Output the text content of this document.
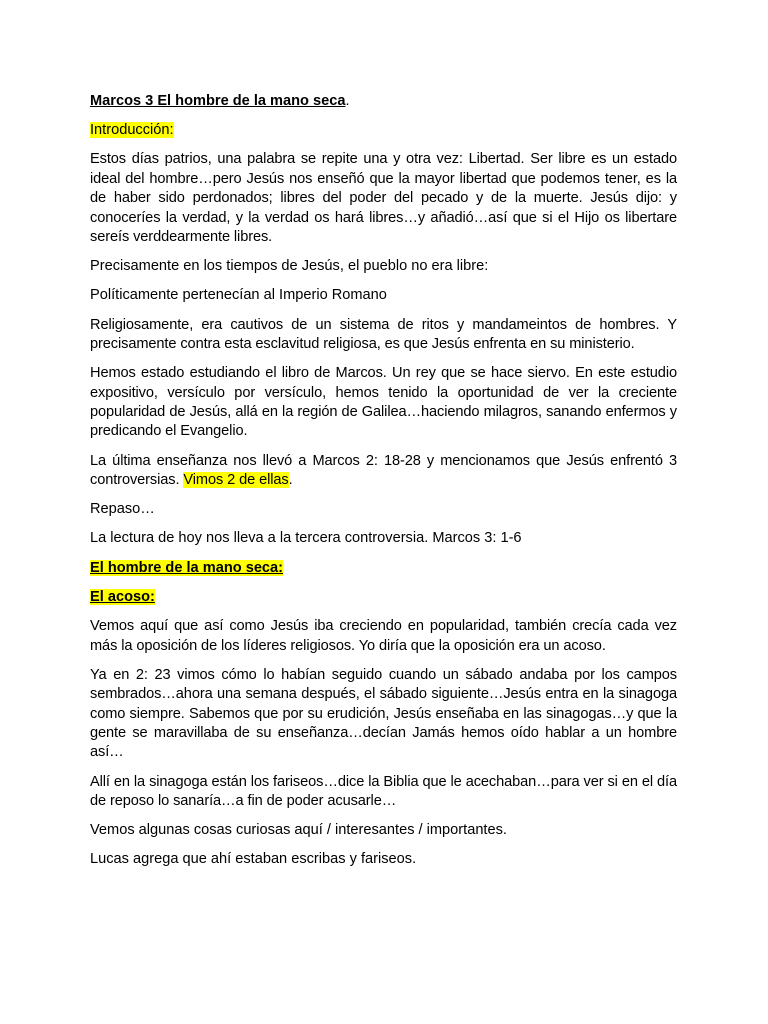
Marcos 3 El hombre de la mano seca.

Introducción:

Estos días patrios, una palabra se repite una y otra vez: Libertad. Ser libre es un estado ideal del hombre…pero Jesús nos enseñó que la mayor libertad que podemos tener, es la de haber sido perdonados; libres del poder del pecado y de la muerte. Jesús dijo: y conoceríes la verdad, y la verdad os hará libres…y añadió…así que si el Hijo os libertare sereís verddearmente libres.

Precisamente en los tiempos de Jesús, el pueblo no era libre:

Políticamente pertenecían al Imperio Romano

Religiosamente, era cautivos de un sistema de ritos y mandameintos de hombres. Y precisamente contra esta esclavitud religiosa, es que Jesús enfrenta en su ministerio.

Hemos estado estudiando el libro de Marcos. Un rey que se hace siervo. En este estudio expositivo, versículo por versículo, hemos tenido la oportunidad de ver la creciente popularidad de Jesús, allá en la región de Galilea…haciendo milagros, sanando enfermos y predicando el Evangelio.

La última enseñanza nos llevó a Marcos 2: 18-28 y mencionamos que Jesús enfrentó 3 controversias. Vimos 2 de ellas.

Repaso…

La lectura de hoy nos lleva a la tercera controversia. Marcos 3: 1-6

El hombre de la mano seca:

El acoso:

Vemos aquí que así como Jesús iba creciendo en popularidad, también crecía cada vez más la oposición de los líderes religiosos. Yo diría que la oposición era un acoso.

Ya en 2: 23 vimos cómo lo habían seguido cuando un sábado andaba por los campos sembrados…ahora una semana después, el sábado siguiente…Jesús entra en la sinagoga como siempre. Sabemos que por su erudición, Jesús enseñaba en las sinagogas…y que la gente se maravillaba de su enseñanza…decían Jamás hemos oído hablar a un hombre así…

Allí en la sinagoga están los fariseos…dice la Biblia que le acechaban…para ver si en el día de reposo lo sanaría…a fin de poder acusarle…

Vemos algunas cosas curiosas aquí / interesantes / importantes.

Lucas agrega que ahí estaban escribas y fariseos.
